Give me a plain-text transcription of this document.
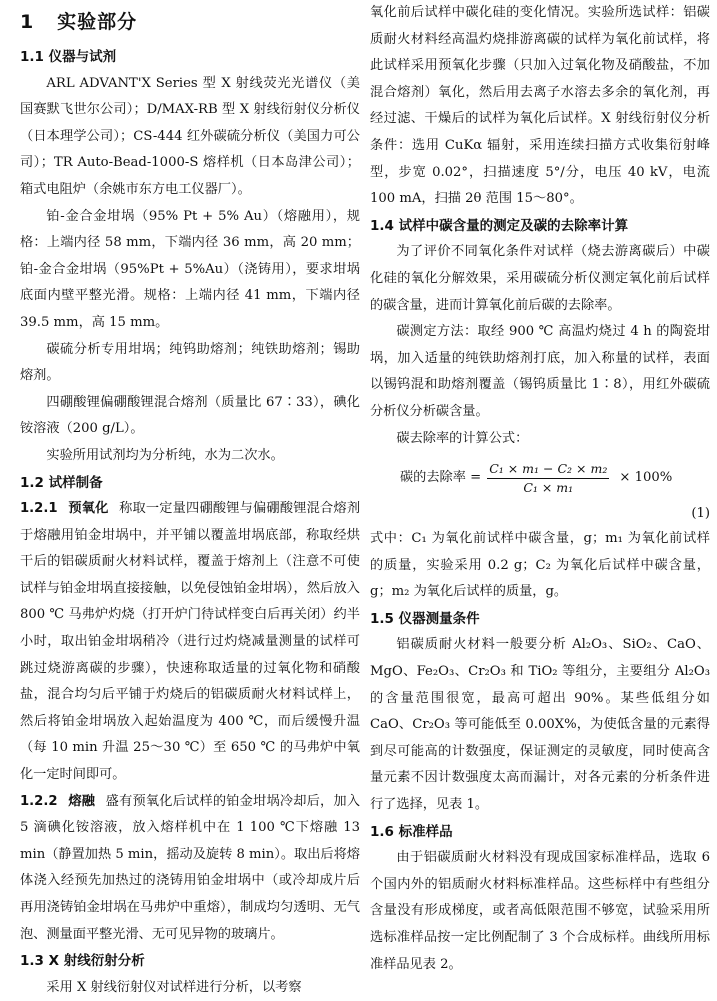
1 实验部分
1.1 仪器与试剂

ARL ADVANT'X Series 型 X 射线荧光光谱仪（美国赛默飞世尔公司）；D/MAX-RB 型 X 射线衍射仪分析仪（日本理学公司）；CS-444 红外碳硫分析仪（美国力可公司）；TR Auto-Bead-1000-S 熔样机（日本岛津公司）；箱式电阻炉（余姚市东方电工仪器厂）。

铂-金合金坩埚（95% Pt + 5% Au）（熔融用），规格：上端内径 58 mm，下端内径 36 mm，高 20 mm；铂-金合金坩埚（95%Pt + 5%Au）（浇铸用），要求坩埚底面内壁平整光滑。规格：上端内径 41 mm，下端内径 39.5 mm，高 15 mm。

碳硫分析专用坩埚；纯钨助熔剂；纯铁助熔剂；锡助熔剂。

四硼酸锂偏硼酸锂混合熔剂（质量比 67∶33），碘化铵溶液（200 g/L）。

实验所用试剂均为分析纯，水为二次水。

1.2 试样制备

1.2.1 预氧化 称取一定量四硼酸锂与偏硼酸锂混合熔剂于熔融用铂金坩埚中，并平铺以覆盖坩埚底部，称取经烘干后的铝碳质耐火材料试样，覆盖于熔剂上（注意不可使试样与铂金坩埚直接接触，以免侵蚀铂金坩埚），然后放入 800 ℃ 马弗炉灼烧（打开炉门待试样变白后再关闭）约半小时，取出铂金坩埚稍冷（进行过灼烧减量测量的试样可跳过烧游离碳的步骤），快速称取适量的过氧化物和硝酸盐，混合均匀后平铺于灼烧后的铝碳质耐火材料试样上，然后将铂金坩埚放入起始温度为 400 ℃，而后缓慢升温（每 10 min 升温 25～30 ℃）至 650 ℃ 的马弗炉中氧化一定时间即可。

1.2.2 熔融 盛有预氧化后试样的铂金坩埚冷却后，加入 5 滴碘化铵溶液，放入熔样机中在 1 100 ℃下熔融 13 min（静置加热 5 min，摇动及旋转 8 min）。取出后将熔体浇入经预先加热过的浇铸用铂金坩埚中（或冷却成片后再用浇铸铂金坩埚在马弗炉中重熔），制成均匀透明、无气泡、测量面平整光滑、无可见异物的玻璃片。

1.3 X 射线衍射分析

采用 X 射线衍射仪对试样进行分析，以考察

氧化前后试样中碳化硅的变化情况。实验所选试样：铝碳质耐火材料经高温灼烧排游离碳的试样为氧化前试样，将此试样采用预氧化步骤（只加入过氧化物及硝酸盐，不加混合熔剂）氧化，然后用去离子水溶去多余的氧化剂，再经过滤、干燥后的试样为氧化后试样。X 射线衍射仪分析条件：选用 CuKα 辐射，采用连续扫描方式收集衍射峰型，步宽 0.02°，扫描速度 5°/分，电压 40 kV，电流 100 mA，扫描 2θ 范围 15～80°。

1.4 试样中碳含量的测定及碳的去除率计算

为了评价不同氧化条件对试样（烧去游离碳后）中碳化硅的氧化分解效果，采用碳硫分析仪测定氧化前后试样的碳含量，进而计算氧化前后碳的去除率。

碳测定方法：取经 900 ℃ 高温灼烧过 4 h 的陶瓷坩埚，加入适量的纯铁助熔剂打底，加入称量的试样，表面以锡钨混和助熔剂覆盖（锡钨质量比 1∶8），用红外碳硫分析仪分析碳含量。

碳去除率的计算公式：

碳的去除率 = $\frac{\text{C₁ × m₁ − C₂ × m₂}}{\text{C₁ × m₁}} \times 100\%$
(1)

式中：C₁ 为氧化前试样中碳含量，g；m₁ 为氧化前试样的质量，实验采用 0.2 g；C₂ 为氧化后试样中碳含量，g；m₂ 为氧化后试样的质量，g。

1.5 仪器测量条件

铝碳质耐火材料一般要分析 Al₂O₃、SiO₂、CaO、MgO、Fe₂O₃、Cr₂O₃ 和 TiO₂ 等组分，主要组分 Al₂O₃ 的含量范围很宽，最高可超出 90%。某些低组分如 CaO、Cr₂O₃ 等可能低至 0.00X%，为使低含量的元素得到尽可能高的计数强度，保证测定的灵敏度，同时使高含量元素不因计数强度太高而漏计，对各元素的分析条件进行了选择，见表 1。

1.6 标准样品

由于铝碳质耐火材料没有现成国家标准样品，选取 6 个国内外的铝质耐火材料标准样品。这些标样中有些组分含量没有形成梯度，或者高低限范围不够宽，试验采用所选标准样品按一定比例配制了 3 个合成标样。曲线所用标准样品见表 2。
